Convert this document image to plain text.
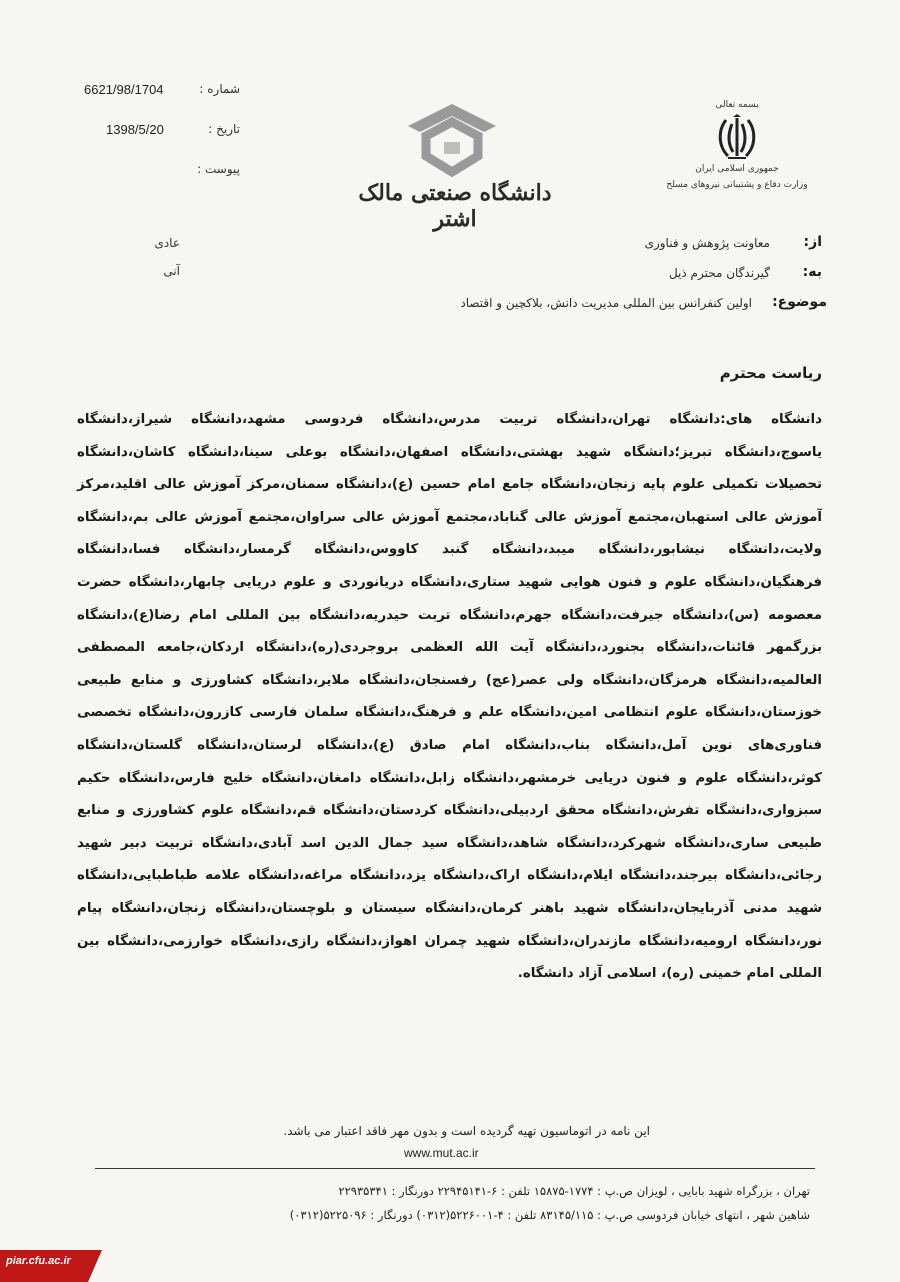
بسمه تعالی
جمهوری اسلامی ایران
وزارت دفاع و پشتیبانی نیروهای مسلح
دانشگاه صنعتی مالک اشتر
شماره :
6621/98/1704
تاریخ :
1398/5/20
پیوست :
از:
معاونت پژوهش و فناوری
به:
گیرندگان محترم ذیل
موضوع:
اولین کنفرانس بین المللی مدیریت دانش، بلاکچین و اقتصاد
عادی
آنی
ریاست محترم
دانشگاه های:دانشگاه تهران،دانشگاه تربیت مدرس،دانشگاه فردوسی مشهد،دانشگاه شیراز،دانشگاه یاسوج،دانشگاه تبریز؛دانشگاه شهید بهشتی،دانشگاه اصفهان،دانشگاه بوعلی سینا،دانشگاه کاشان،دانشگاه تحصیلات تکمیلی علوم پایه زنجان،دانشگاه جامع امام حسین (ع)،دانشگاه سمنان،مرکز آموزش عالی اقلید،مرکز آموزش عالی استهبان،مجتمع آموزش عالی گناباد،مجتمع آموزش عالی سراوان،مجتمع آموزش عالی بم،دانشگاه ولایت،دانشگاه نیشابور،دانشگاه میبد،دانشگاه گنبد کاووس،دانشگاه گرمسار،دانشگاه فسا،دانشگاه فرهنگیان،دانشگاه علوم و فنون هوایی شهید ستاری،دانشگاه دریانوردی و علوم دریایی چابهار،دانشگاه حضرت معصومه (س)،دانشگاه جیرفت،دانشگاه جهرم،دانشگاه تربت حیدریه،دانشگاه بین المللی امام رضا(ع)،دانشگاه بزرگمهر قائنات،دانشگاه بجنورد،دانشگاه آیت الله العظمی بروجردی(ره)،دانشگاه اردکان،جامعه المصطفی العالمیه،دانشگاه هرمزگان،دانشگاه ولی عصر(عج) رفسنجان،دانشگاه ملایر،دانشگاه کشاورزی و منابع طبیعی خوزستان،دانشگاه علوم انتظامی امین،دانشگاه علم و فرهنگ،دانشگاه سلمان فارسی کازرون،دانشگاه تخصصی فناوری‌های نوین آمل،دانشگاه بناب،دانشگاه امام صادق (ع)،دانشگاه لرستان،دانشگاه گلستان،دانشگاه کوثر،دانشگاه علوم و فنون دریایی خرمشهر،دانشگاه زابل،دانشگاه دامغان،دانشگاه خلیج فارس،دانشگاه حکیم سبزواری،دانشگاه تفرش،دانشگاه محقق اردبیلی،دانشگاه کردستان،دانشگاه قم،دانشگاه علوم کشاورزی و منابع طبیعی ساری،دانشگاه شهرکرد،دانشگاه شاهد،دانشگاه سید جمال الدین اسد آبادی،دانشگاه تربیت دبیر شهید رجائی،دانشگاه بیرجند،دانشگاه ایلام،دانشگاه اراک،دانشگاه یزد،دانشگاه مراغه،دانشگاه علامه طباطبایی،دانشگاه شهید مدنی آذربایجان،دانشگاه شهید باهنر کرمان،دانشگاه سیستان و بلوچستان،دانشگاه زنجان،دانشگاه پیام نور،دانشگاه ارومیه،دانشگاه مازندران،دانشگاه شهید چمران اهواز،دانشگاه رازی،دانشگاه خوارزمی،دانشگاه بین المللی امام خمینی (ره)، اسلامی آزاد دانشگاه.
این نامه در اتوماسیون تهیه گردیده است و بدون مهر فاقد اعتبار می باشد.
www.mut.ac.ir
تهران ، بزرگراه شهید بابایی ، لویزان ص.پ : ۱۷۷۴-۱۵۸۷۵ تلفن : ۶-۲۲۹۴۵۱۴۱ دورنگار : ۲۲۹۳۵۳۴۱
شاهین شهر ، انتهای خیابان فردوسی ص.پ : ۸۳۱۴۵/۱۱۵ تلفن : ۴-۵۲۲۶۰۰۱(۰۳۱۲) دورنگار : ۵۲۲۵۰۹۶(۰۳۱۲)
piar.cfu.ac.ir
